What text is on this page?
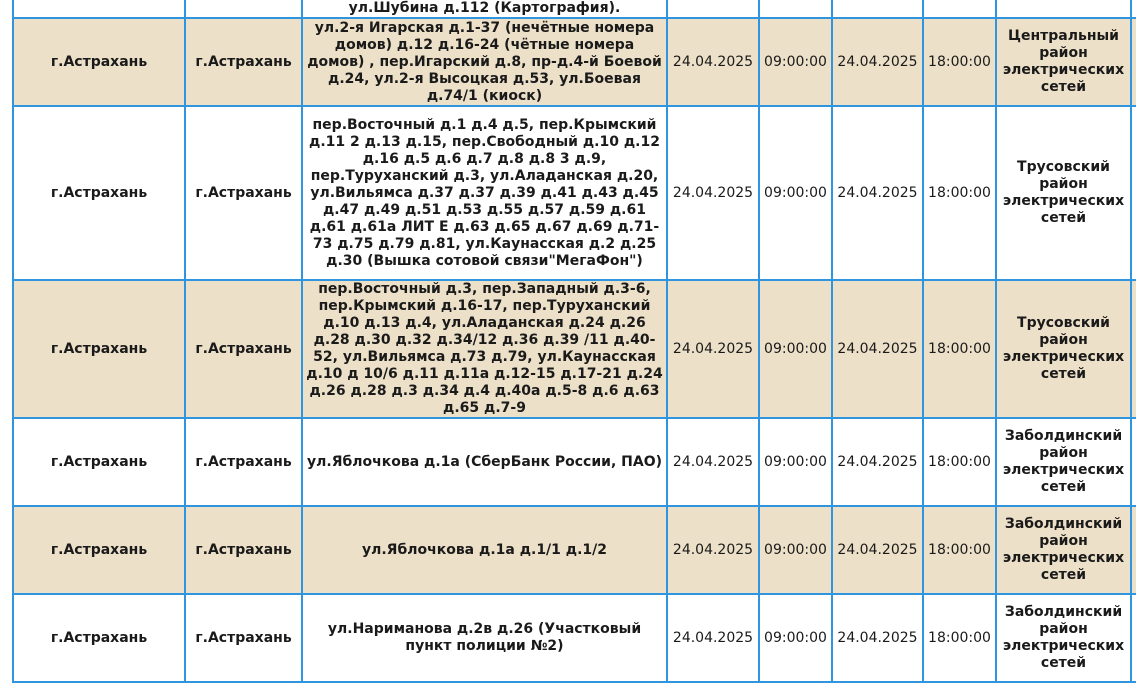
		ул.Шубина д.112 (Картография).						
г.Астрахань	г.Астрахань	ул.2-я Игарская д.1-37 (нечётные номера домов) д.12 д.16-24 (чётные номера домов) , пер.Игарский д.8, пр-д.4-й Боевой д.24, ул.2-я Высоцкая д.53, ул.Боевая д.74/1 (киоск)	24.04.2025	09:00:00	24.04.2025	18:00:00	Центральный район электрических сетей	
г.Астрахань	г.Астрахань	пер.Восточный д.1 д.4 д.5, пер.Крымский д.11 2 д.13 д.15, пер.Свободный д.10 д.12 д.16 д.5 д.6 д.7 д.8 д.8 3 д.9, пер.Туруханский д.3, ул.Аладанская д.20, ул.Вильямса д.37 д.37 д.39 д.41 д.43 д.45 д.47 д.49 д.51 д.53 д.55 д.57 д.59 д.61 д.61 д.61а ЛИТ Е д.63 д.65 д.67 д.69 д.71-73 д.75 д.79 д.81, ул.Каунасская д.2 д.25 д.30 (Вышка сотовой связи"МегаФон")	24.04.2025	09:00:00	24.04.2025	18:00:00	Трусовский район электрических сетей	
г.Астрахань	г.Астрахань	пер.Восточный д.3, пер.Западный д.3-6, пер.Крымский д.16-17, пер.Туруханский д.10 д.13 д.4, ул.Аладанская д.24 д.26 д.28 д.30 д.32 д.34/12 д.36 д.39 /11 д.40-52, ул.Вильямса д.73 д.79, ул.Каунасская д.10 д 10/6 д.11 д.11а д.12-15 д.17-21 д.24 д.26 д.28 д.3 д.34 д.4 д.40а д.5-8 д.6 д.63 д.65 д.7-9	24.04.2025	09:00:00	24.04.2025	18:00:00	Трусовский район электрических сетей	
г.Астрахань	г.Астрахань	ул.Яблочкова д.1а (СберБанк России, ПАО)	24.04.2025	09:00:00	24.04.2025	18:00:00	Заболдинский район электрических сетей	
г.Астрахань	г.Астрахань	ул.Яблочкова д.1а д.1/1 д.1/2	24.04.2025	09:00:00	24.04.2025	18:00:00	Заболдинский район электрических сетей	
г.Астрахань	г.Астрахань	ул.Нариманова д.2в д.26 (Участковый пункт полиции №2)	24.04.2025	09:00:00	24.04.2025	18:00:00	Заболдинский район электрических сетей	
